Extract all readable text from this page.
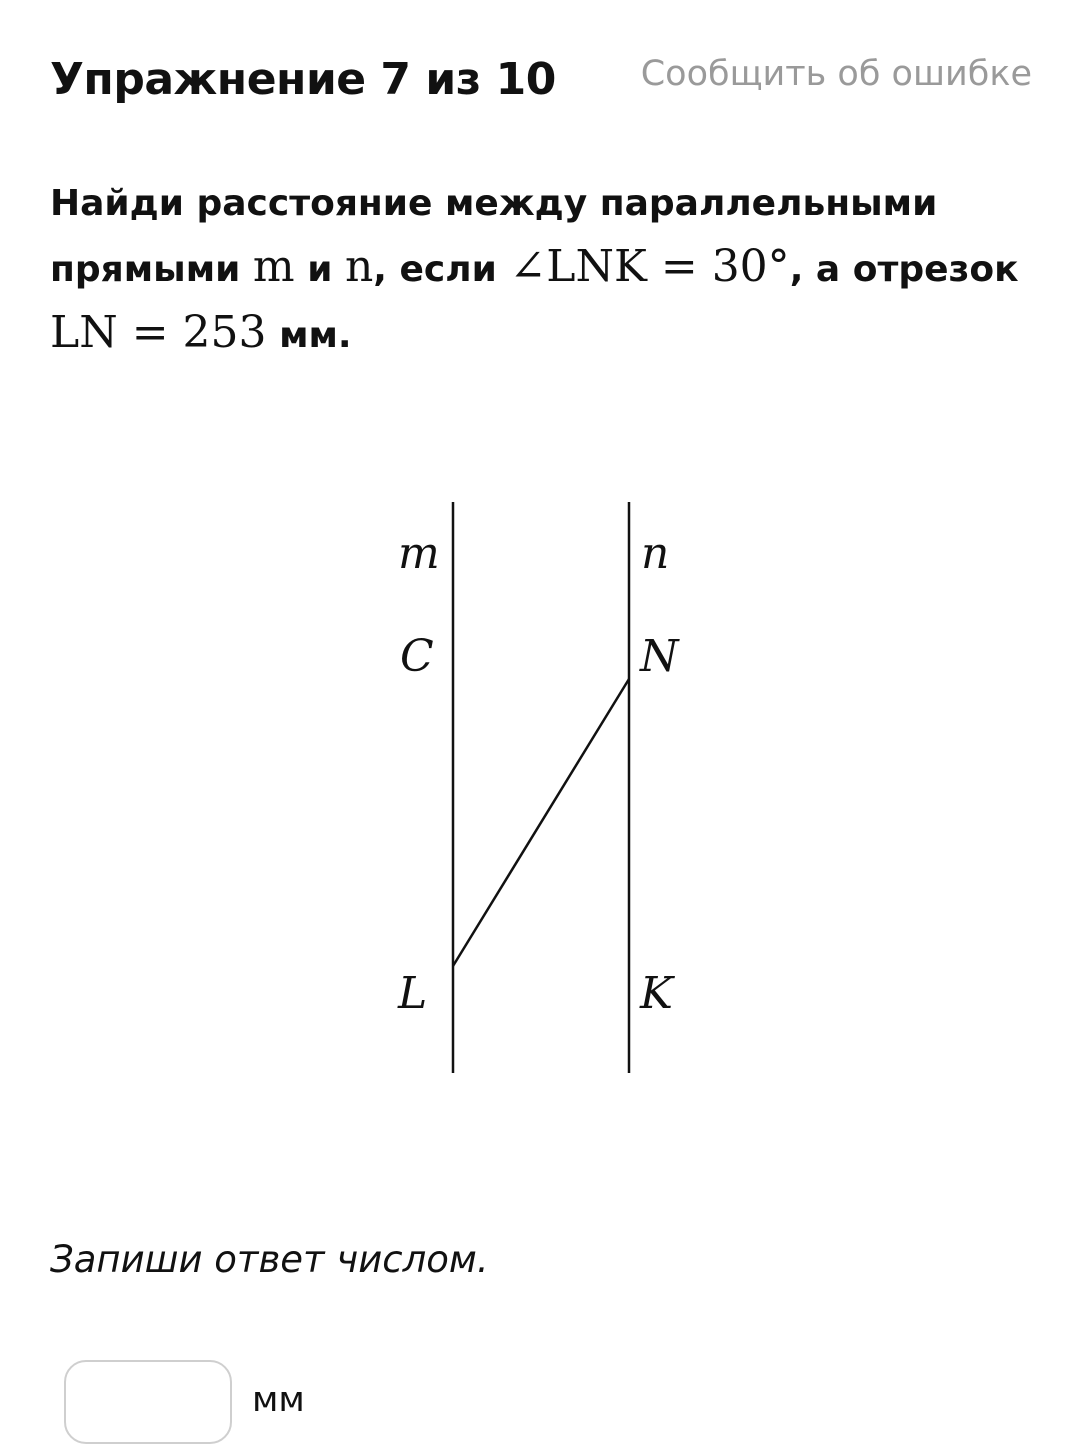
Упражнение 7 из 10 Сообщить об ошибке
Найди расстояние между параллельными прямыми m и n, если ∠LNK = 30°, а отрезок LN = 253 мм.
m	n
C	N
L	K
Запиши ответ числом.
мм
